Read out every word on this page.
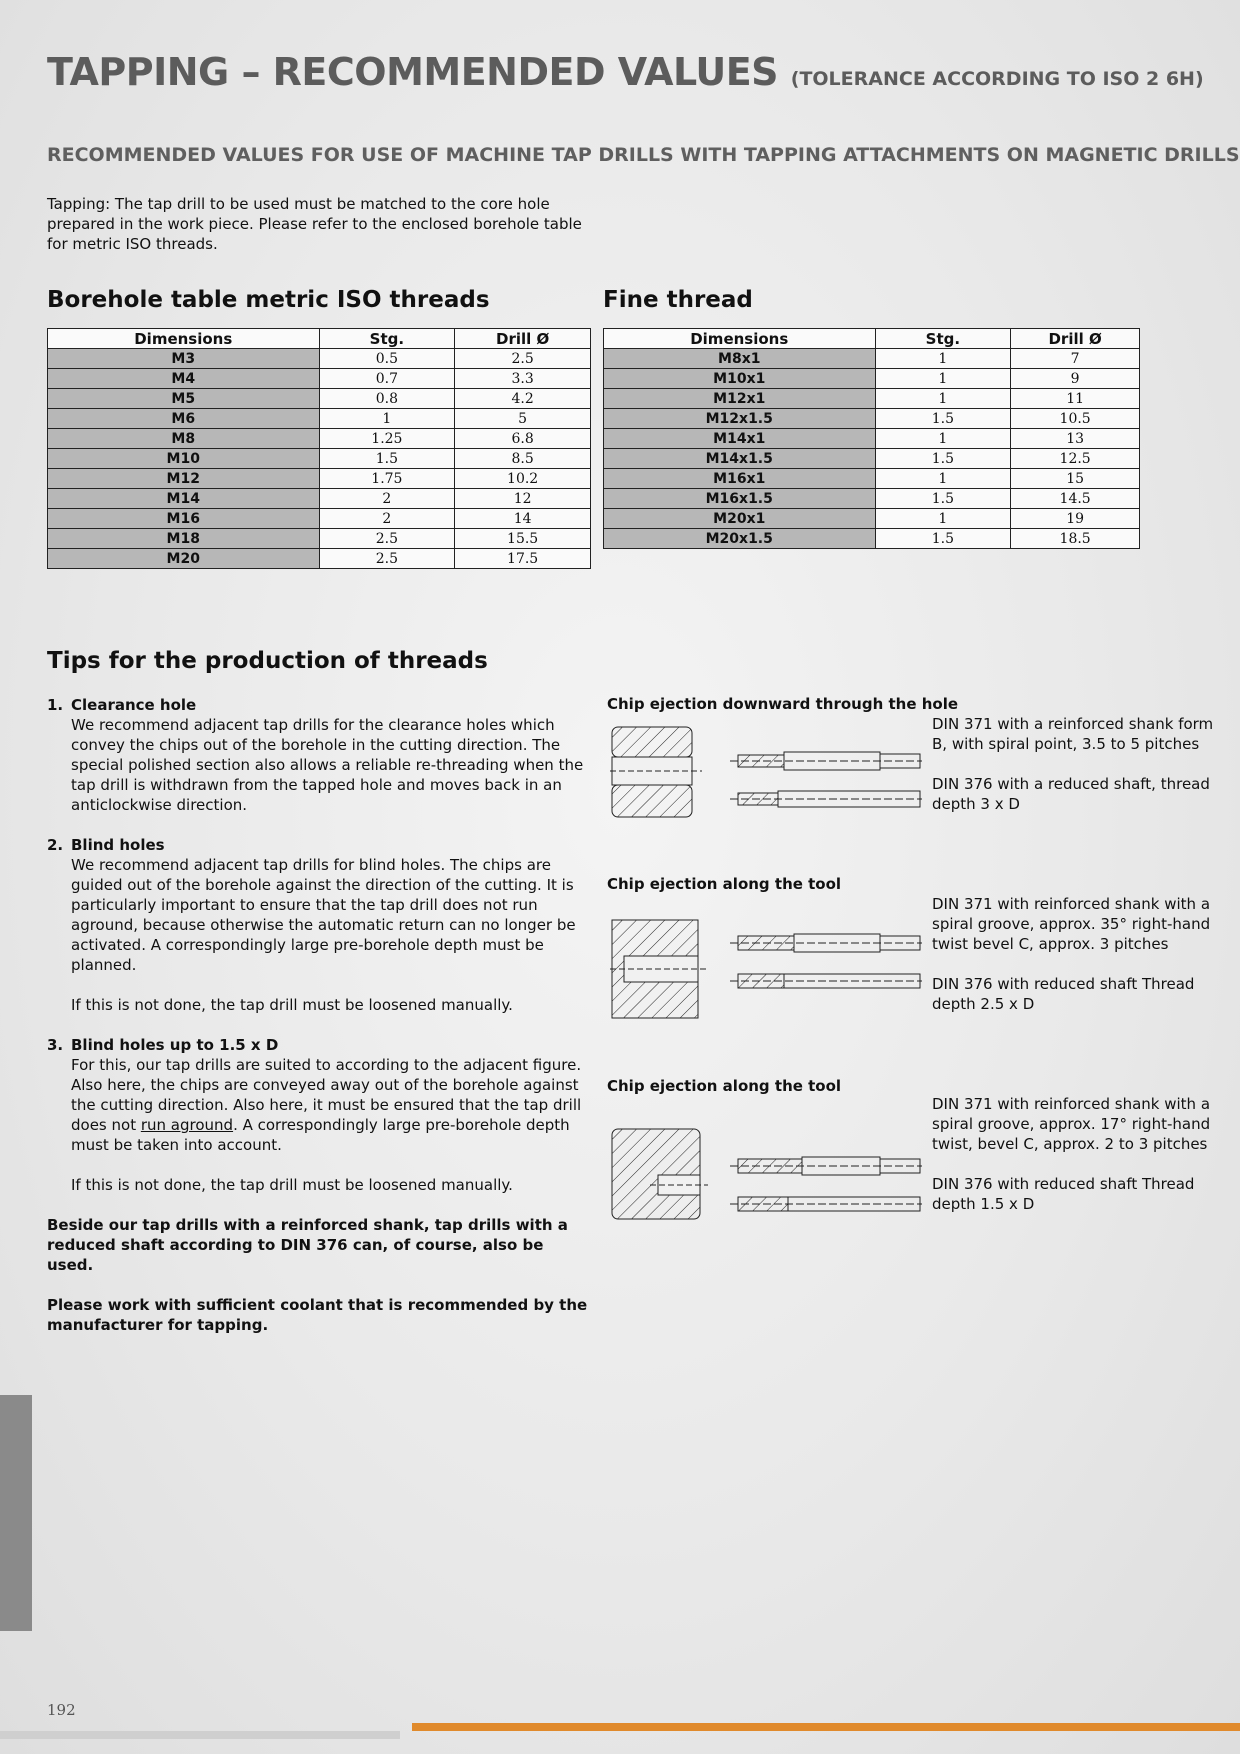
TAPPING – RECOMMENDED VALUES (TOLERANCE ACCORDING TO ISO 2 6H)
RECOMMENDED VALUES FOR USE OF MACHINE TAP DRILLS WITH TAPPING ATTACHMENTS ON MAGNETIC DRILLS
Tapping: The tap drill to be used must be matched to the core hole prepared in the work piece. Please refer to the enclosed borehole table for metric ISO threads.
Borehole table metric ISO threads	Fine thread
Dimensions	Stg.	Drill Ø
M3	0.5	2.5
M4	0.7	3.3
M5	0.8	4.2
M6	1	5
M8	1.25	6.8
M10	1.5	8.5
M12	1.75	10.2
M14	2	12
M16	2	14
M18	2.5	15.5
M20	2.5	17.5
Dimensions	Stg.	Drill Ø
M8x1	1	7
M10x1	1	9
M12x1	1	11
M12x1.5	1.5	10.5
M14x1	1	13
M14x1.5	1.5	12.5
M16x1	1	15
M16x1.5	1.5	14.5
M20x1	1	19
M20x1.5	1.5	18.5
Tips for the production of threads
1. Clearance hole

We recommend adjacent tap drills for the clearance holes which convey the chips out of the borehole in the cutting direction. The special polished section also allows a reliable re-threading when the tap drill is withdrawn from the tapped hole and moves back in an anticlockwise direction.

2. Blind holes

We recommend adjacent tap drills for blind holes. The chips are guided out of the borehole against the direction of the cutting. It is particularly important to ensure that the tap drill does not run aground, because otherwise the automatic return can no longer be activated. A correspondingly large pre-borehole depth must be planned.

If this is not done, the tap drill must be loosened manually.

3. Blind holes up to 1.5 x D

For this, our tap drills are suited to according to the adjacent figure. Also here, the chips are conveyed away out of the borehole against the cutting direction. Also here, it must be ensured that the tap drill does not run aground. A correspondingly large pre-borehole depth must be taken into account.

If this is not done, the tap drill must be loosened manually.

Beside our tap drills with a reinforced shank, tap drills with a reduced shaft according to DIN 376 can, of course, also be used.

Please work with sufficient coolant that is recommended by the manufacturer for tapping.

Chip ejection downward through the hole

DIN 371 with a reinforced shank form B, with spiral point, 3.5 to 5 pitches

DIN 376 with a reduced shaft, thread depth 3 x D

Chip ejection along the tool

DIN 371 with reinforced shank with a spiral groove, approx. 35° right-hand twist bevel C, approx. 3 pitches

DIN 376 with reduced shaft Thread depth 2.5 x D

Chip ejection along the tool

DIN 371 with reinforced shank with a spiral groove, approx. 17° right-hand twist, bevel C, approx. 2 to 3 pitches

DIN 376 with reduced shaft Thread depth 1.5 x D

192
